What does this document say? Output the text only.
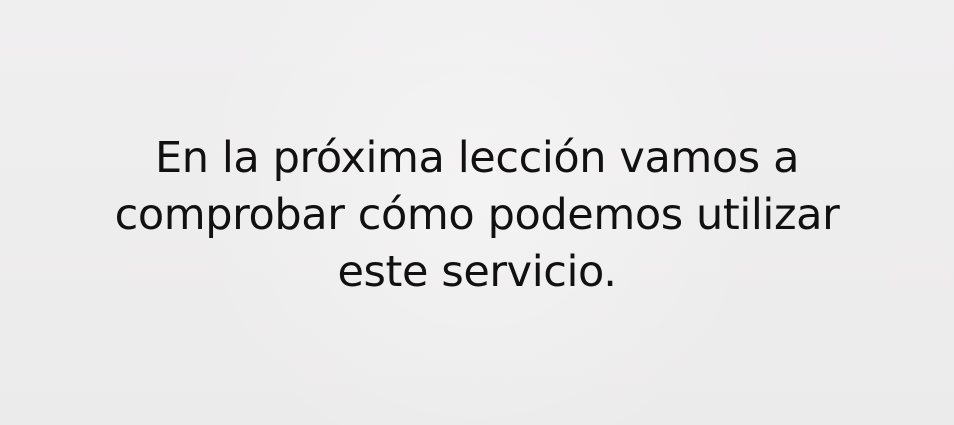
En la próxima lección vamos a comprobar cómo podemos utilizar este servicio.
